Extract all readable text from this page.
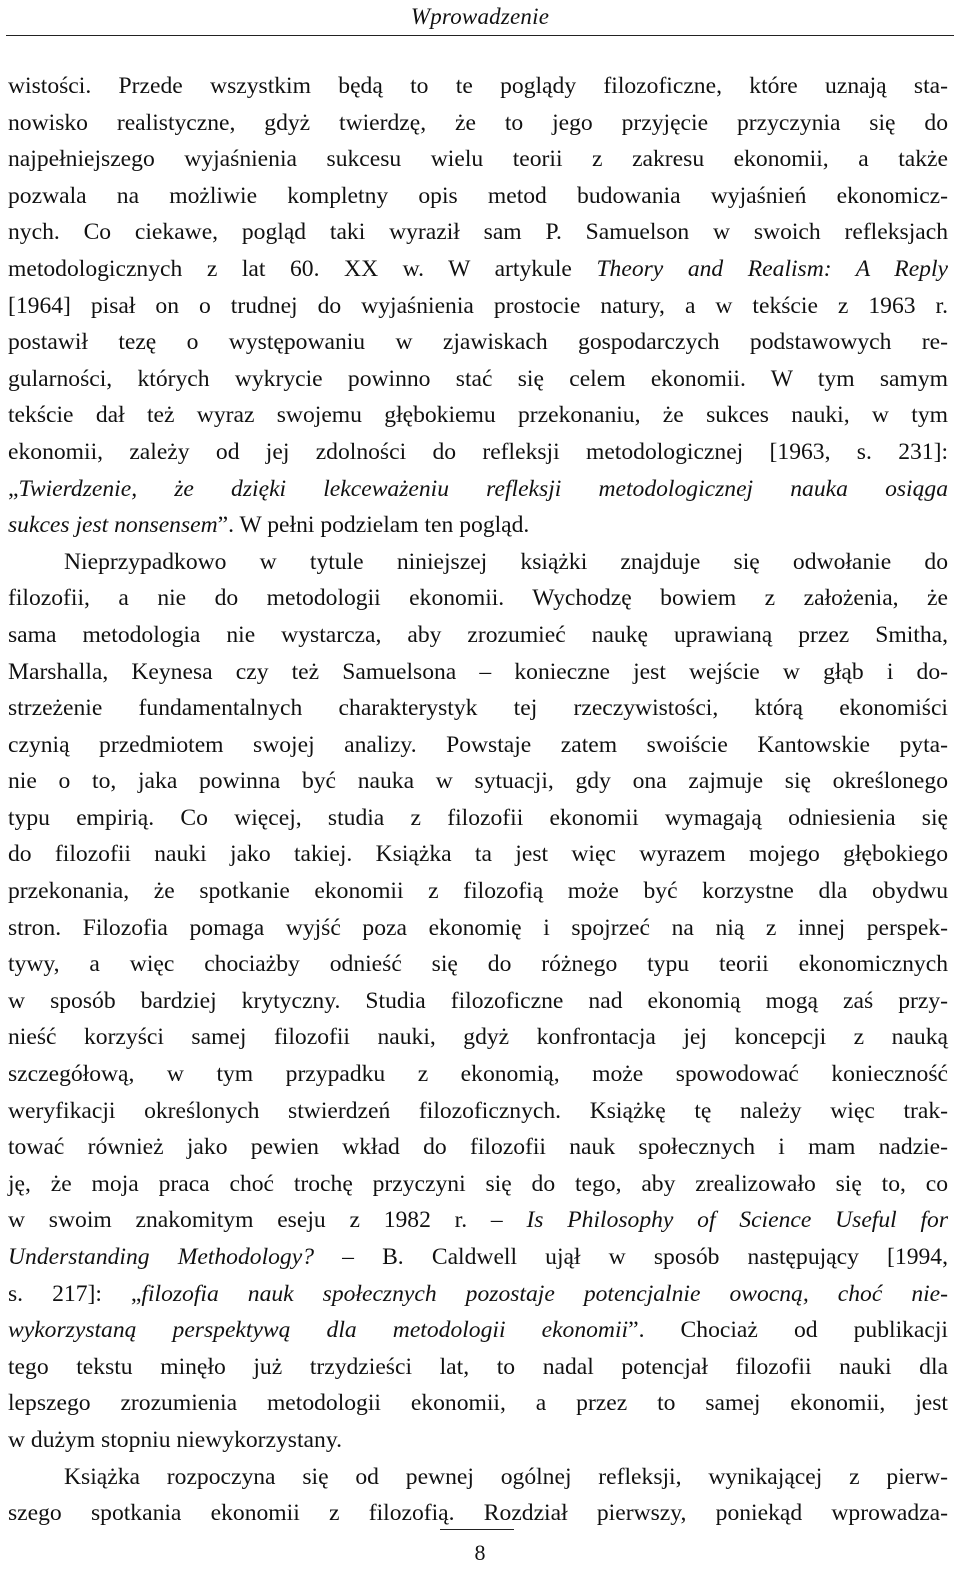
Wprowadzenie
wistości. Przede wszystkim będą to te poglądy filozoficzne, które uznają sta-
nowisko realistyczne, gdyż twierdzę, że to jego przyjęcie przyczynia się do
najpełniejszego wyjaśnienia sukcesu wielu teorii z zakresu ekonomii, a także
pozwala na możliwie kompletny opis metod budowania wyjaśnień ekonomicz-
nych. Co ciekawe, pogląd taki wyraził sam P. Samuelson w swoich refleksjach
metodologicznych z lat 60. XX w. W artykule Theory and Realism: A Reply
[1964] pisał on o trudnej do wyjaśnienia prostocie natury, a w tekście z 1963 r.
postawił tezę o występowaniu w zjawiskach gospodarczych podstawowych re-
gularności, których wykrycie powinno stać się celem ekonomii. W tym samym
tekście dał też wyraz swojemu głębokiemu przekonaniu, że sukces nauki, w tym
ekonomii, zależy od jej zdolności do refleksji metodologicznej [1963, s. 231]:
„Twierdzenie, że dzięki lekceważeniu refleksji metodologicznej nauka osiąga
sukces jest nonsensem”. W pełni podzielam ten pogląd.
Nieprzypadkowo w tytule niniejszej książki znajduje się odwołanie do
filozofii, a nie do metodologii ekonomii. Wychodzę bowiem z założenia, że
sama metodologia nie wystarcza, aby zrozumieć naukę uprawianą przez Smitha,
Marshalla, Keynesa czy też Samuelsona – konieczne jest wejście w głąb i do-
strzeżenie fundamentalnych charakterystyk tej rzeczywistości, którą ekonomiści
czynią przedmiotem swojej analizy. Powstaje zatem swoiście Kantowskie pyta-
nie o to, jaka powinna być nauka w sytuacji, gdy ona zajmuje się określonego
typu empirią. Co więcej, studia z filozofii ekonomii wymagają odniesienia się
do filozofii nauki jako takiej. Książka ta jest więc wyrazem mojego głębokiego
przekonania, że spotkanie ekonomii z filozofią może być korzystne dla obydwu
stron. Filozofia pomaga wyjść poza ekonomię i spojrzeć na nią z innej perspek-
tywy, a więc chociażby odnieść się do różnego typu teorii ekonomicznych
w sposób bardziej krytyczny. Studia filozoficzne nad ekonomią mogą zaś przy-
nieść korzyści samej filozofii nauki, gdyż konfrontacja jej koncepcji z nauką
szczegółową, w tym przypadku z ekonomią, może spowodować konieczność
weryfikacji określonych stwierdzeń filozoficznych. Książkę tę należy więc trak-
tować również jako pewien wkład do filozofii nauk społecznych i mam nadzie-
ję, że moja praca choć trochę przyczyni się do tego, aby zrealizowało się to, co
w swoim znakomitym eseju z 1982 r. – Is Philosophy of Science Useful for
Understanding Methodology? – B. Caldwell ujął w sposób następujący [1994,
s. 217]: „filozofia nauk społecznych pozostaje potencjalnie owocną, choć nie-
wykorzystaną perspektywą dla metodologii ekonomii”. Chociaż od publikacji
tego tekstu minęło już trzydzieści lat, to nadal potencjał filozofii nauki dla
lepszego zrozumienia metodologii ekonomii, a przez to samej ekonomii, jest
w dużym stopniu niewykorzystany.
Książka rozpoczyna się od pewnej ogólnej refleksji, wynikającej z pierw-
szego spotkania ekonomii z filozofią. Rozdział pierwszy, poniekąd wprowadza-
8
